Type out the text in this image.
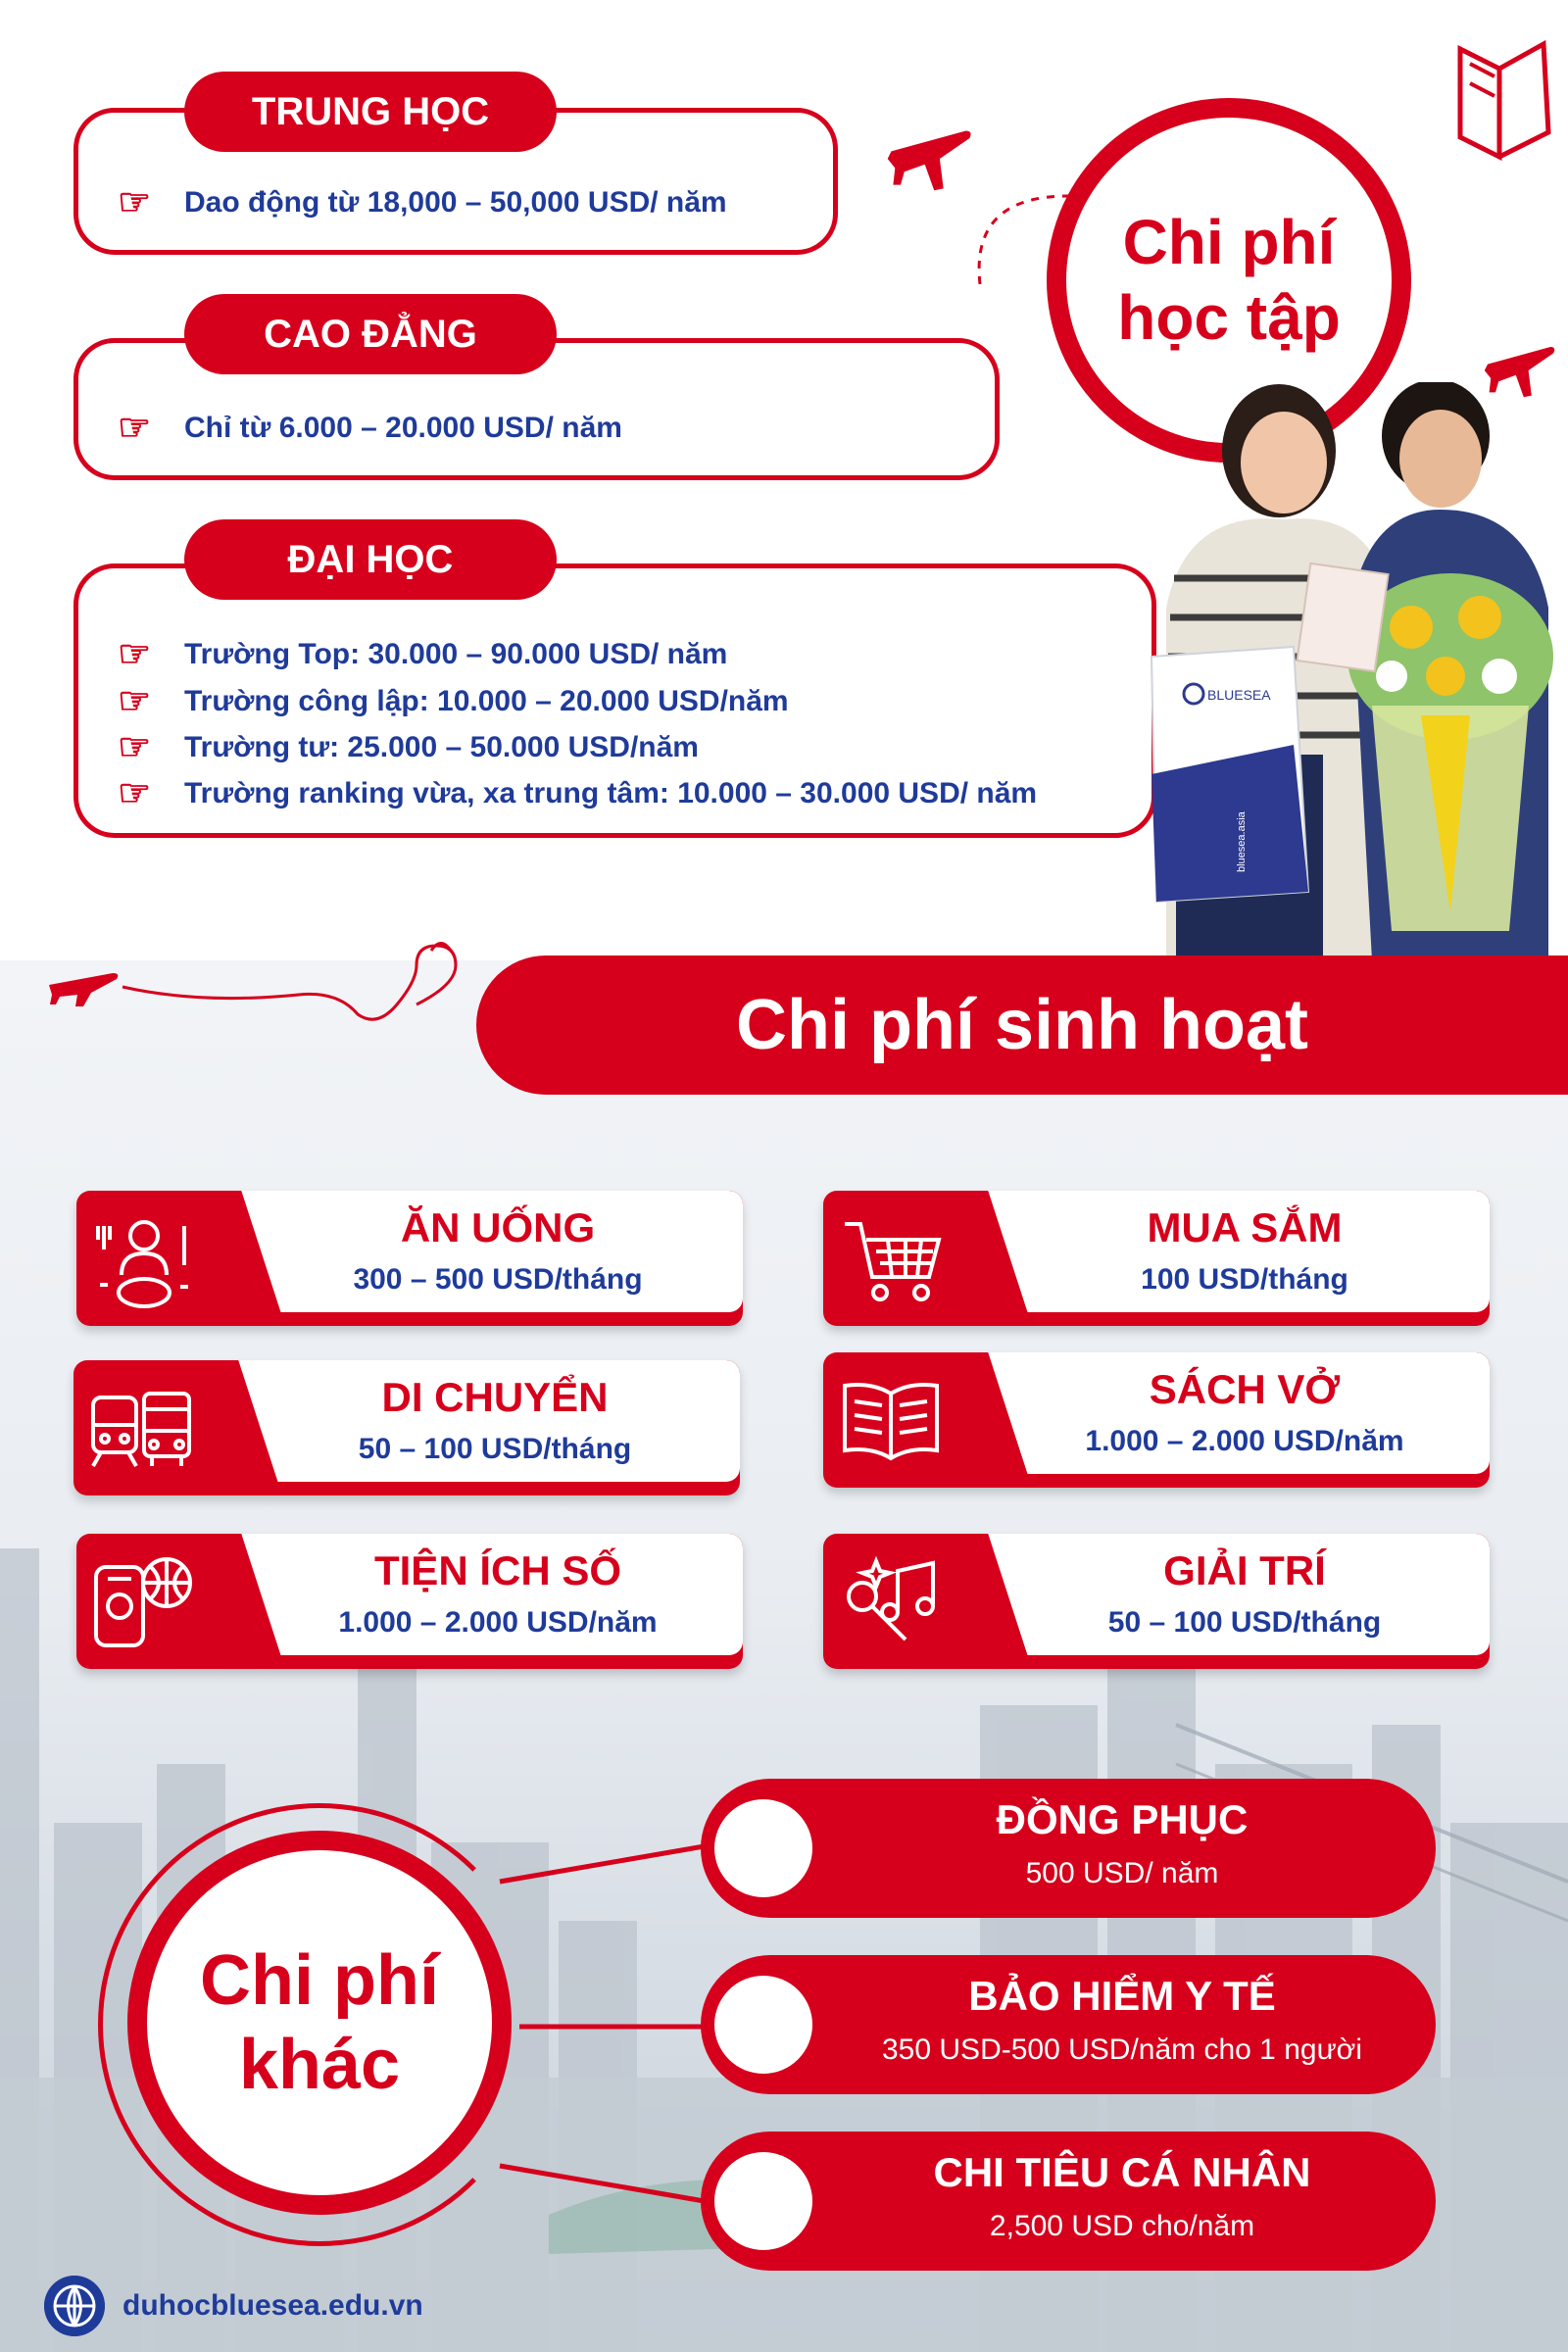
Chi phí
học tập
TRUNG HỌC
☞	Dao động từ 18,000 – 50,000 USD/ năm
CAO ĐẲNG
☞	Chỉ từ 6.000 – 20.000 USD/ năm
ĐẠI HỌC
☞	Trường Top: 30.000 – 90.000 USD/ năm
☞	Trường công lập: 10.000 – 20.000 USD/năm
☞	Trường tư: 25.000 – 50.000 USD/năm
☞	Trường ranking vừa, xa trung tâm: 10.000 – 30.000 USD/ năm
BLUESEA
bluesea.asia
Chi phí sinh hoạt
ĂN UỐNG
300 – 500 USD/tháng
MUA SẮM
100 USD/tháng
DI CHUYỂN
50 – 100 USD/tháng
SÁCH VỞ
1.000 – 2.000 USD/năm
TIỆN ÍCH SỐ
1.000 – 2.000 USD/năm
GIẢI TRÍ
50 – 100 USD/tháng
Chi phí
khác
ĐỒNG PHỤC
500 USD/ năm
BẢO HIỂM Y TẾ
350 USD-500 USD/năm cho 1 người
CHI TIÊU CÁ NHÂN
2,500 USD cho/năm
duhocbluesea.edu.vn
